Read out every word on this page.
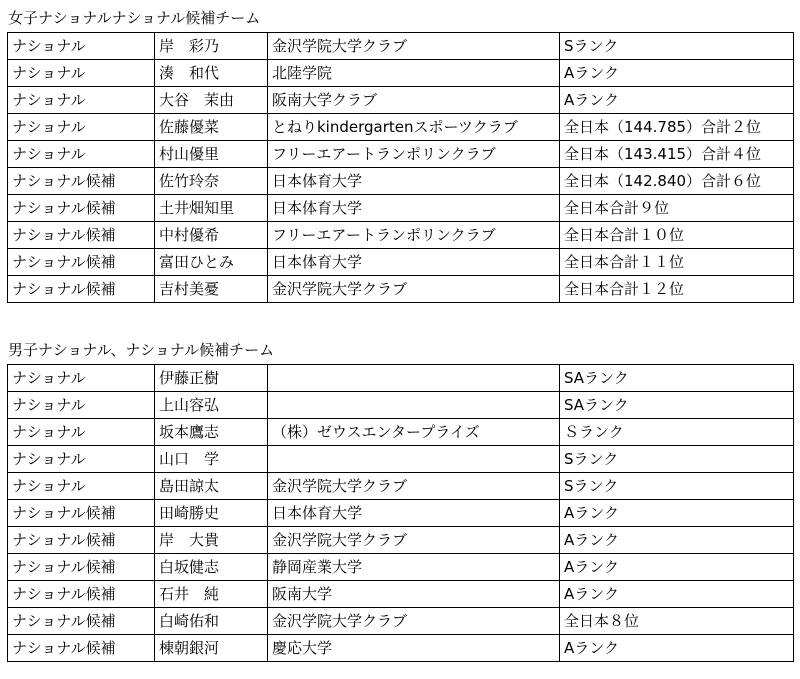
女子ナショナルナショナル候補チーム
ナショナル	岸　彩乃	金沢学院大学クラブ	Sランク
ナショナル	湊　和代	北陸学院	Aランク
ナショナル	大谷　茉由	阪南大学クラブ	Aランク
ナショナル	佐藤優菜	とねりkindergartenスポーツクラブ	全日本（144.785）合計２位
ナショナル	村山優里	フリーエアートランポリンクラブ	全日本（143.415）合計４位
ナショナル候補	佐竹玲奈	日本体育大学	全日本（142.840）合計６位
ナショナル候補	土井畑知里	日本体育大学	全日本合計９位
ナショナル候補	中村優希	フリーエアートランポリンクラブ	全日本合計１０位
ナショナル候補	富田ひとみ	日本体育大学	全日本合計１１位
ナショナル候補	吉村美憂	金沢学院大学クラブ	全日本合計１２位
男子ナショナル、ナショナル候補チーム
ナショナル	伊藤正樹		SAランク
ナショナル	上山容弘		SAランク
ナショナル	坂本鷹志	（株）ゼウスエンタープライズ	Ｓランク
ナショナル	山口　学		Sランク
ナショナル	島田諒太	金沢学院大学クラブ	Sランク
ナショナル候補	田崎勝史	日本体育大学	Aランク
ナショナル候補	岸　大貴	金沢学院大学クラブ	Aランク
ナショナル候補	白坂健志	静岡産業大学	Aランク
ナショナル候補	石井　純	阪南大学	Aランク
ナショナル候補	白崎佑和	金沢学院大学クラブ	全日本８位
ナショナル候補	棟朝銀河	慶応大学	Aランク
